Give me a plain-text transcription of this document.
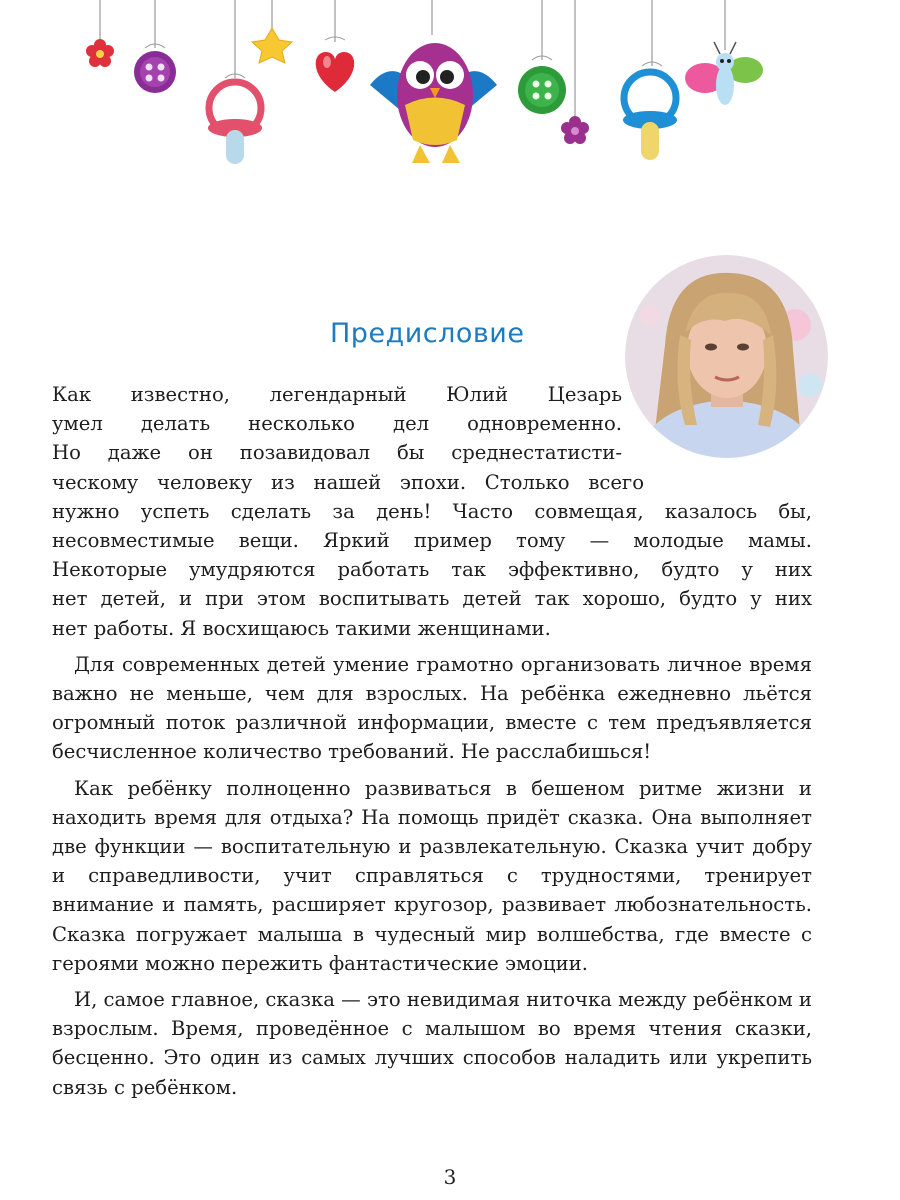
Предисловие

Как известно, легендарный Юлий Цезарь
умел делать несколько дел одновременно.
Но даже он позавидовал бы среднестатисти-
ческому человеку из нашей эпохи. Столько всего
нужно успеть сделать за день! Часто совмещая, казалось бы,
несовместимые вещи. Яркий пример тому — молодые мамы.
Некоторые умудряются работать так эффективно, будто у них
нет детей, и при этом воспитывать детей так хорошо, будто у них
нет работы. Я восхищаюсь такими женщинами.

Для современных детей умение грамотно организовать личное время важно не меньше, чем для взрослых. На ребёнка ежедневно льётся огромный поток различной информации, вместе с тем предъявляется бесчисленное количество требований. Не расслабишься!

Как ребёнку полноценно развиваться в бешеном ритме жизни и находить время для отдыха? На помощь придёт сказка. Она выполняет две функции — воспитательную и развлекательную. Сказка учит добру и справедливости, учит справляться с трудностями, тренирует внимание и память, расширяет кругозор, развивает любознательность. Сказка погружает малыша в чудесный мир волшебства, где вместе с героями можно пережить фантастические эмоции.

И, самое главное, сказка — это невидимая ниточка между ребёнком и взрослым. Время, проведённое с малышом во время чтения сказки, бесценно. Это один из самых лучших способов наладить или укрепить связь с ребёнком.

3
